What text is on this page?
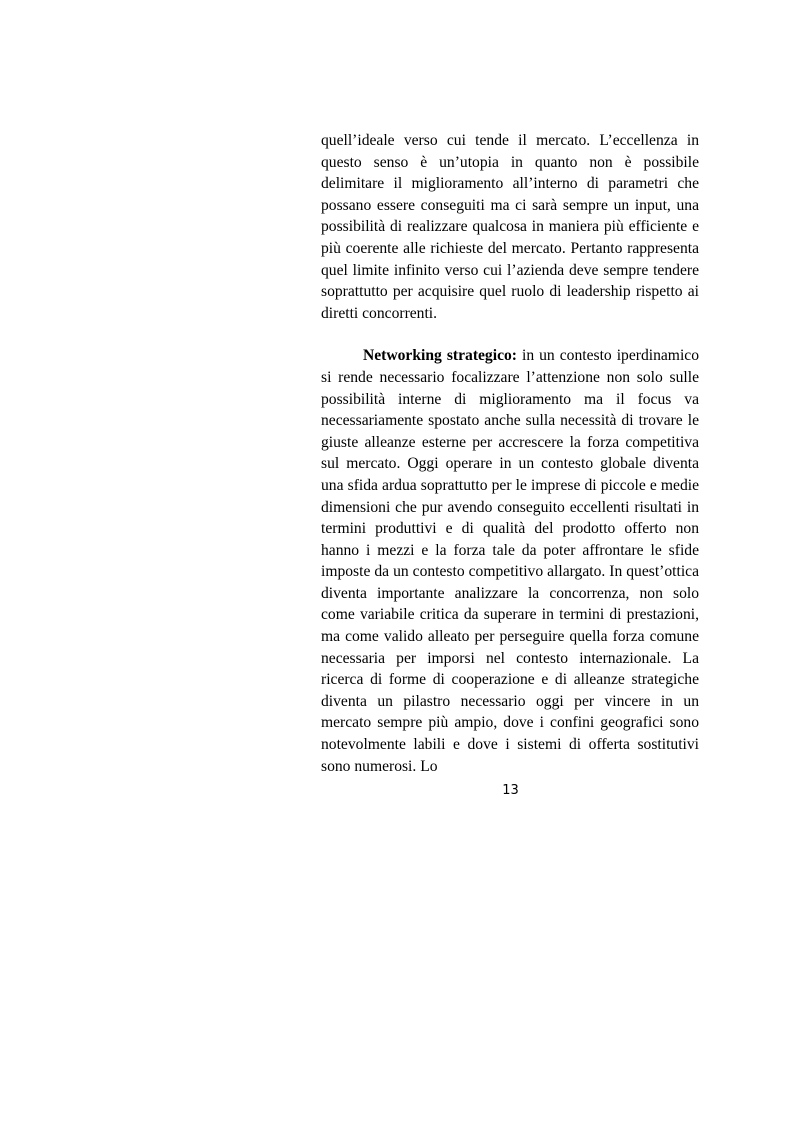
quell’ideale verso cui tende il mercato. L’eccellenza in questo senso è un’utopia in quanto non è possibile delimitare il miglioramento all’interno di parametri che possano essere conseguiti ma ci sarà sempre un input, una possibilità di realizzare qualcosa in maniera più efficiente e più coerente alle richieste del mercato. Pertanto rappresenta quel limite infinito verso cui l’azienda deve sempre tendere soprattutto per acquisire quel ruolo di leadership rispetto ai diretti concorrenti.

Networking strategico: in un contesto iperdinamico si rende necessario focalizzare l’attenzione non solo sulle possibilità interne di miglioramento ma il focus va necessariamente spostato anche sulla necessità di trovare le giuste alleanze esterne per accrescere la forza competitiva sul mercato. Oggi operare in un contesto globale diventa una sfida ardua soprattutto per le imprese di piccole e medie dimensioni che pur avendo conseguito eccellenti risultati in termini produttivi e di qualità del prodotto offerto non hanno i mezzi e la forza tale da poter affrontare le sfide imposte da un contesto competitivo allargato. In quest’ottica diventa importante analizzare la concorrenza, non solo come variabile critica da superare in termini di prestazioni, ma come valido alleato per perseguire quella forza comune necessaria per imporsi nel contesto internazionale. La ricerca di forme di cooperazione e di alleanze strategiche diventa un pilastro necessario oggi per vincere in un mercato sempre più ampio, dove i confini geografici sono notevolmente labili e dove i sistemi di offerta sostitutivi sono numerosi. Lo

13
